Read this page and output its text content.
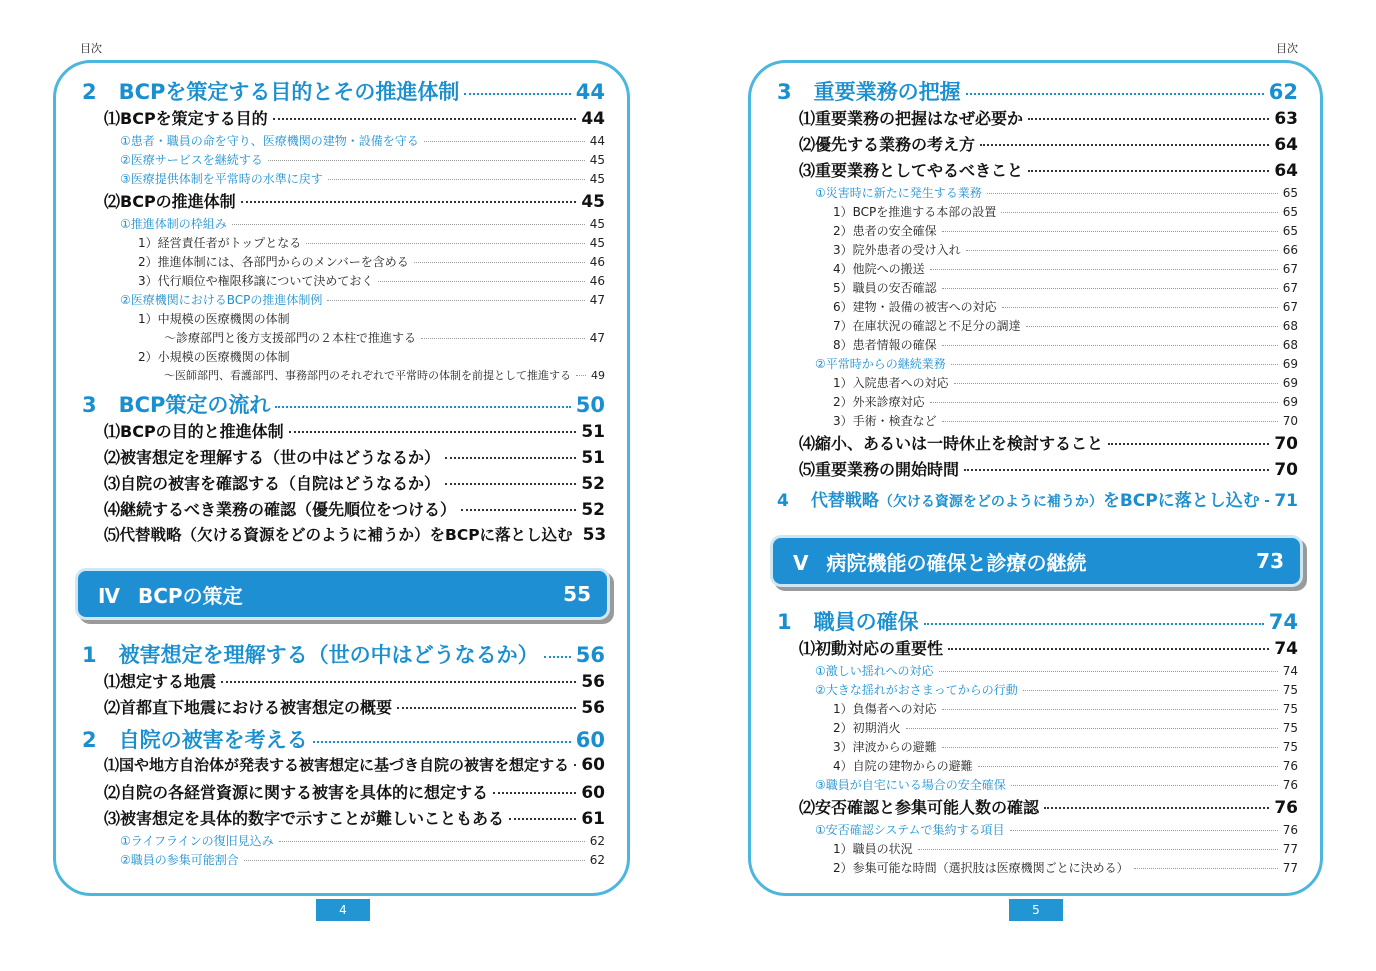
目次	目次
2 BCPを策定する目的とその推進体制	44
⑴BCPを策定する目的	44
①患者・職員の命を守り、医療機関の建物・設備を守る	44
②医療サービスを継続する	45
③医療提供体制を平常時の水準に戻す	45
⑵BCPの推進体制	45
①推進体制の枠組み	45
1）経営責任者がトップとなる	45
2）推進体制には、各部門からのメンバーを含める	46
3）代行順位や権限移譲について決めておく	46
②医療機関におけるBCPの推進体制例	47
1）中規模の医療機関の体制
〜診療部門と後方支援部門の２本柱で推進する	47
2）小規模の医療機関の体制
〜医師部門、看護部門、事務部門のそれぞれで平常時の体制を前提として推進する 49
3 BCP策定の流れ	50
⑴BCPの目的と推進体制	51
⑵被害想定を理解する（世の中はどうなるか）	51
⑶自院の被害を確認する（自院はどうなるか）	52
⑷継続するべき業務の確認（優先順位をつける）	52
⑸代替戦略（欠ける資源をどのように補うか）をBCPに落とし込む 53
Ⅳ BCPの策定	55
1 被害想定を理解する（世の中はどうなるか） 56
⑴想定する地震	56
⑵首都直下地震における被害想定の概要	56
2 自院の被害を考える	60
⑴国や地方自治体が発表する被害想定に基づき自院の被害を想定する 60
⑵自院の各経営資源に関する被害を具体的に想定する	60
⑶被害想定を具体的数字で示すことが難しいこともある	61
①ライフラインの復旧見込み	62
②職員の参集可能割合	62
3 重要業務の把握	62
⑴重要業務の把握はなぜ必要か	63
⑵優先する業務の考え方	64
⑶重要業務としてやるべきこと	64
①災害時に新たに発生する業務	65
1）BCPを推進する本部の設置	65
2）患者の安全確保	65
3）院外患者の受け入れ	66
4）他院への搬送	67
5）職員の安否確認	67
6）建物・設備の被害への対応	67
7）在庫状況の確認と不足分の調達	68
8）患者情報の確保	68
②平常時からの継続業務	69
1）入院患者への対応	69
2）外来診療対応	69
3）手術・検査など	70
⑷縮小、あるいは一時休止を検討すること	70
⑸重要業務の開始時間	70
4 代替戦略（欠ける資源をどのように補うか）をBCPに落とし込む 71
Ⅴ 病院機能の確保と診療の継続	73
1 職員の確保	74
⑴初動対応の重要性	74
①激しい揺れへの対応	74
②大きな揺れがおさまってからの行動	75
1）負傷者への対応	75
2）初期消火	75
3）津波からの避難	75
4）自院の建物からの避難	76
③職員が自宅にいる場合の安全確保	76
⑵安否確認と参集可能人数の確認	76
①安否確認システムで集約する項目	76
1）職員の状況	77
2）参集可能な時間（選択肢は医療機関ごとに決める）	77
4	5
